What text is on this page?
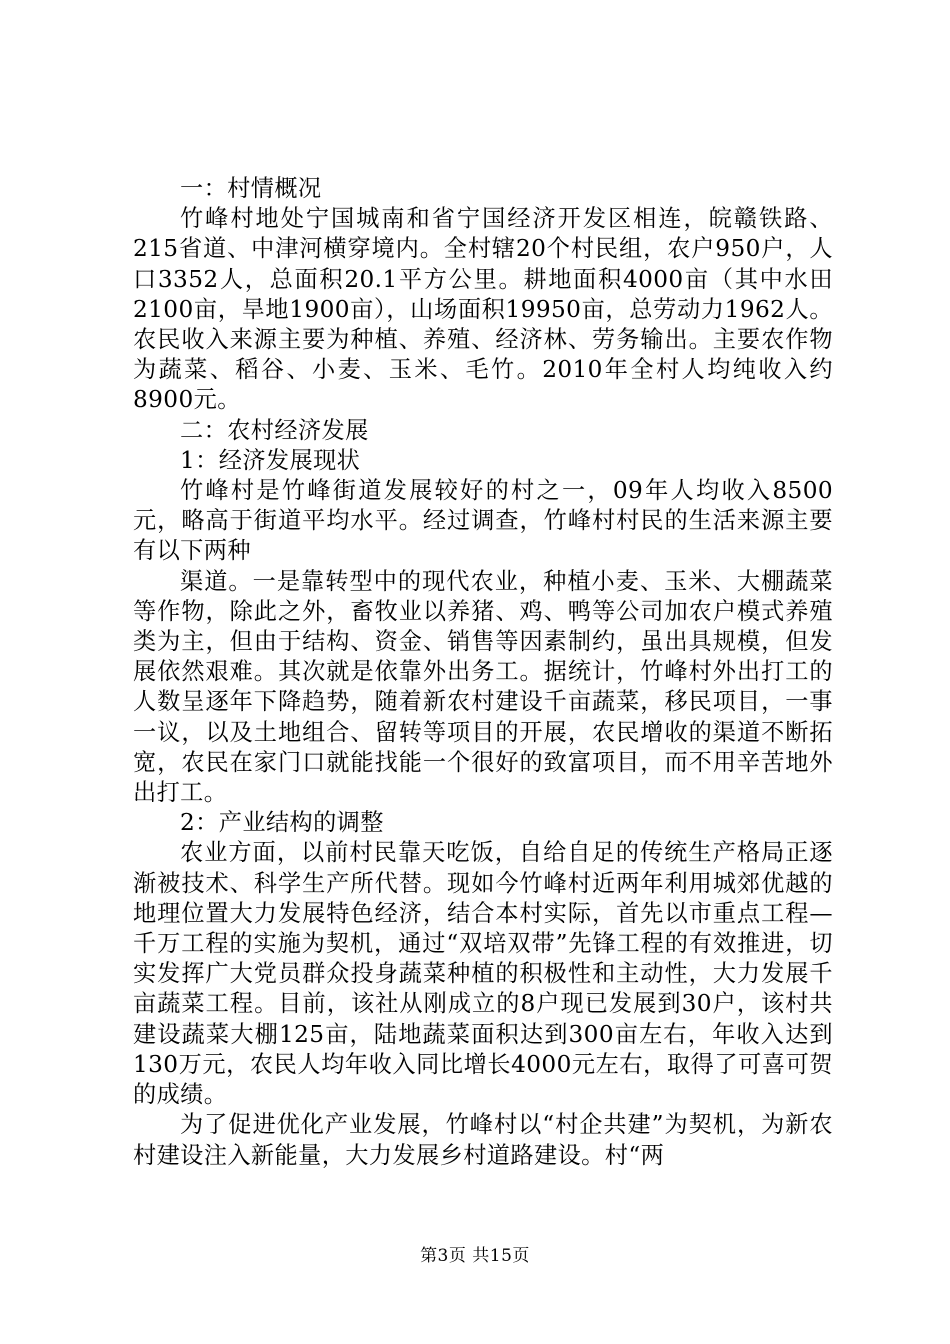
一：村情概况

竹峰村地处宁国城南和省宁国经济开发区相连，皖赣铁路、215省道、中津河横穿境内。全村辖20个村民组，农户950户，人口3352人，总面积20.1平方公里。耕地面积4000亩（其中水田2100亩，旱地1900亩），山场面积19950亩，总劳动力1962人。农民收入来源主要为种植、养殖、经济林、劳务输出。主要农作物为蔬菜、稻谷、小麦、玉米、毛竹。2010年全村人均纯收入约8900元。

二：农村经济发展

1：经济发展现状

竹峰村是竹峰街道发展较好的村之一，09年人均收入8500元，略高于街道平均水平。经过调查，竹峰村村民的生活来源主要有以下两种

渠道。一是靠转型中的现代农业，种植小麦、玉米、大棚蔬菜等作物，除此之外，畜牧业以养猪、鸡、鸭等公司加农户模式养殖类为主，但由于结构、资金、销售等因素制约，虽出具规模，但发展依然艰难。其次就是依靠外出务工。据统计，竹峰村外出打工的人数呈逐年下降趋势，随着新农村建设千亩蔬菜，移民项目，一事一议，以及土地组合、留转等项目的开展，农民增收的渠道不断拓宽，农民在家门口就能找能一个很好的致富项目，而不用辛苦地外出打工。

2：产业结构的调整

农业方面，以前村民靠天吃饭，自给自足的传统生产格局正逐渐被技术、科学生产所代替。现如今竹峰村近两年利用城郊优越的地理位置大力发展特色经济，结合本村实际，首先以市重点工程—千万工程的实施为契机，通过“双培双带”先锋工程的有效推进，切实发挥广大党员群众投身蔬菜种植的积极性和主动性，大力发展千亩蔬菜工程。目前，该社从刚成立的8户现已发展到30户，该村共建设蔬菜大棚125亩，陆地蔬菜面积达到300亩左右，年收入达到130万元，农民人均年收入同比增长4000元左右，取得了可喜可贺的成绩。

为了促进优化产业发展，竹峰村以“村企共建”为契机，为新农村建设注入新能量，大力发展乡村道路建设。村“两

第3页 共15页
